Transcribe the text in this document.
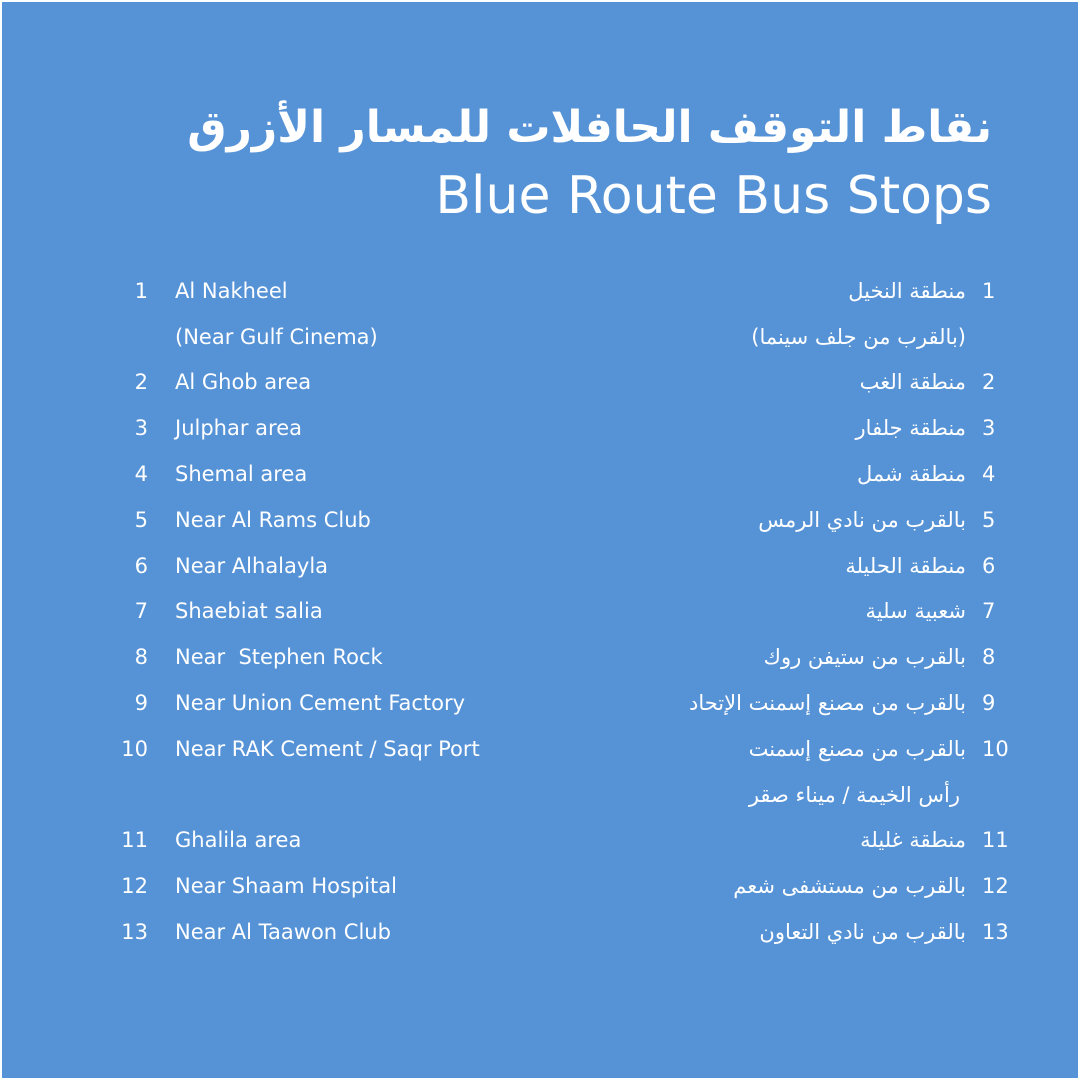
نقاط التوقف الحافلات للمسار الأزرق
Blue Route Bus Stops
1 Al Nakheel	منطقة النخيل 1
(Near Gulf Cinema)	(بالقرب من جلف سينما)
2 Al Ghob area	منطقة الغب 2
3 Julphar area	منطقة جلفار 3
4 Shemal area	منطقة شمل 4
5 Near Al Rams Club	بالقرب من نادي الرمس 5
6 Near Alhalayla	منطقة الحليلة 6
7 Shaebiat salia	شعبية سلية 7
8 Near  Stephen Rock	بالقرب من ستيفن روك 8
9 Near Union Cement Factory	بالقرب من مصنع إسمنت الإتحاد 9
10 Near RAK Cement / Saqr Port	بالقرب من مصنع إسمنت 10
رأس الخيمة / ميناء صقر
11 Ghalila area	منطقة غليلة 11
12 Near Shaam Hospital	بالقرب من مستشفى شعم 12
13 Near Al Taawon Club	بالقرب من نادي التعاون 13
